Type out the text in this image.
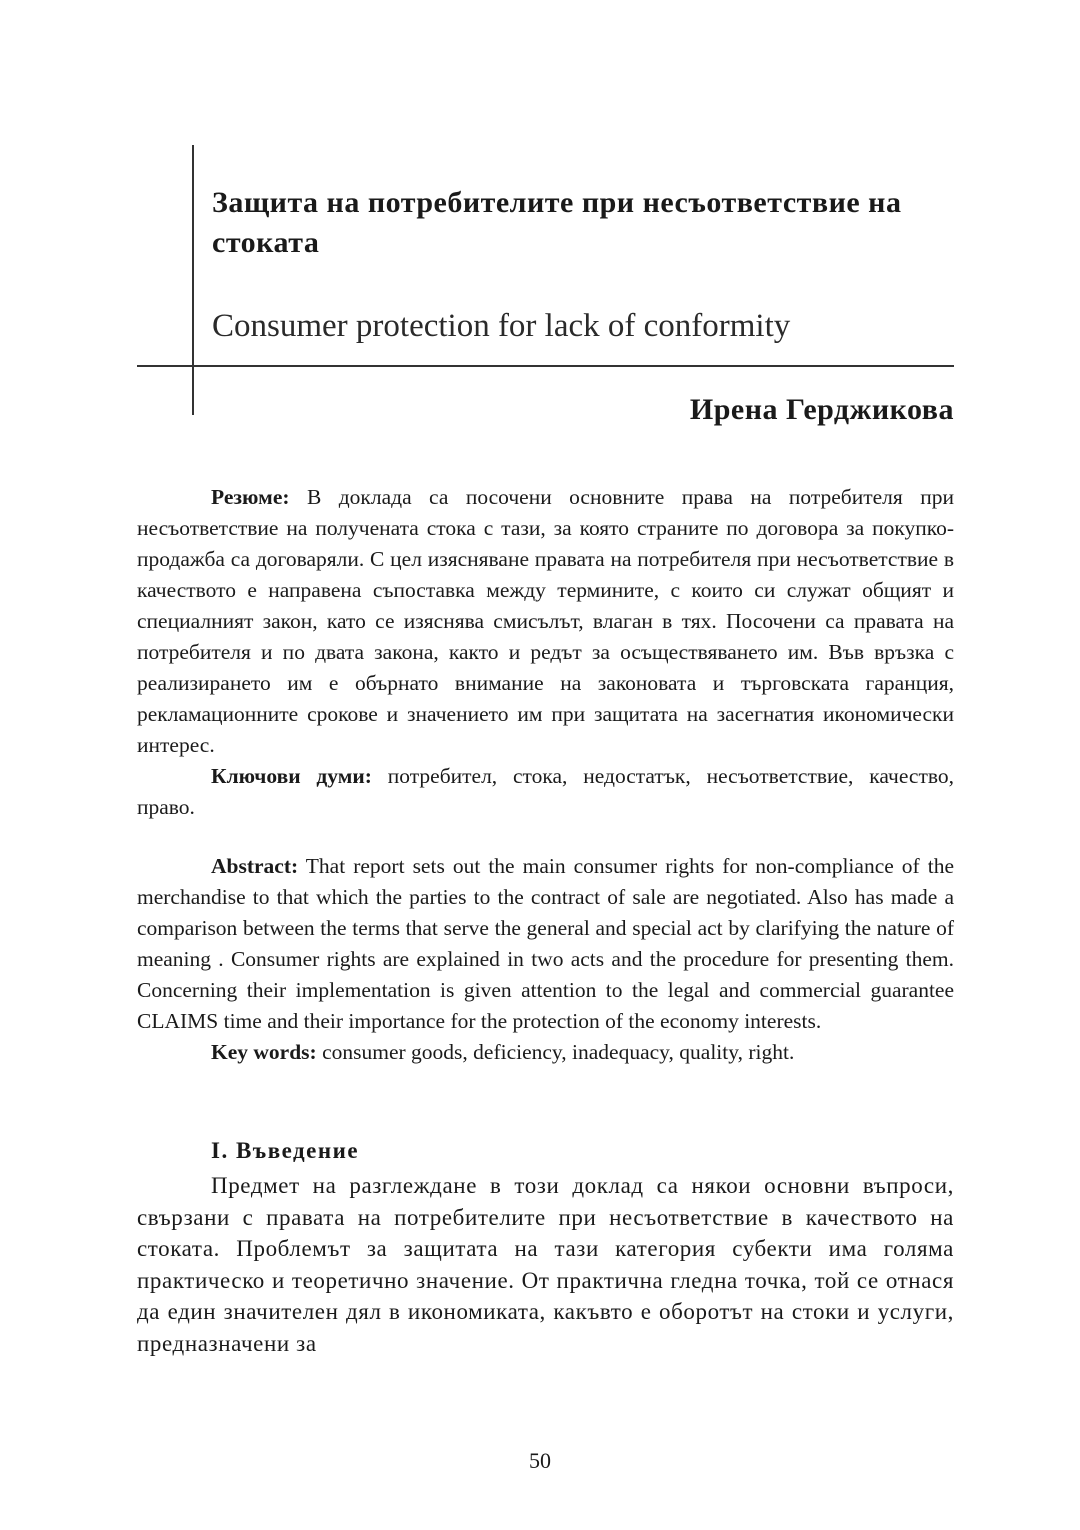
Защита на потребителите при несъответствие на стоката
Consumer protection for lack of conformity
Ирена Герджикова

Резюме: В доклада са посочени основните права на потребителя при несъответствие на получената стока с тази, за която страните по договора за покупко-продажба са договаряли. С цел изясняване правата на потребителя при несъответствие в качеството е направена съпоставка между термините, с които си служат общият и специалният закон, като се изяснява смисълът, влаган в тях. Посочени са правата на потребителя и по двата закона, както и редът за осъществяването им. Във връзка с реализирането им е обърнато внимание на законовата и търговската гаранция, рекламационните срокове и значението им при защитата на засегнатия икономически интерес.

Ключови думи: потребител, стока, недостатък, несъответствие, качество, право.

Abstract: That report sets out the main consumer rights for non-compliance of the merchandise to that which the parties to the contract of sale are negotiated. Also has made a comparison between the terms that serve the general and special act by clarifying the nature of meaning . Consumer rights are explained in two acts and the procedure for presenting them. Concerning their implementation is given attention to the legal and commercial guarantee CLAIMS time and their importance for the protection of the economy interests.

Key words: consumer goods, deficiency, inadequacy, quality, right.

I. Въведение

Предмет на разглеждане в този доклад са някои основни въпроси, свързани с правата на потребителите при несъответствие в качеството на стоката. Проблемът за защитата на тази категория субекти има голяма практическо и теоретично значение. От практична гледна точка, той се отнася да един значителен дял в икономиката, какъвто е оборотът на стоки и услуги, предназначени за

50
